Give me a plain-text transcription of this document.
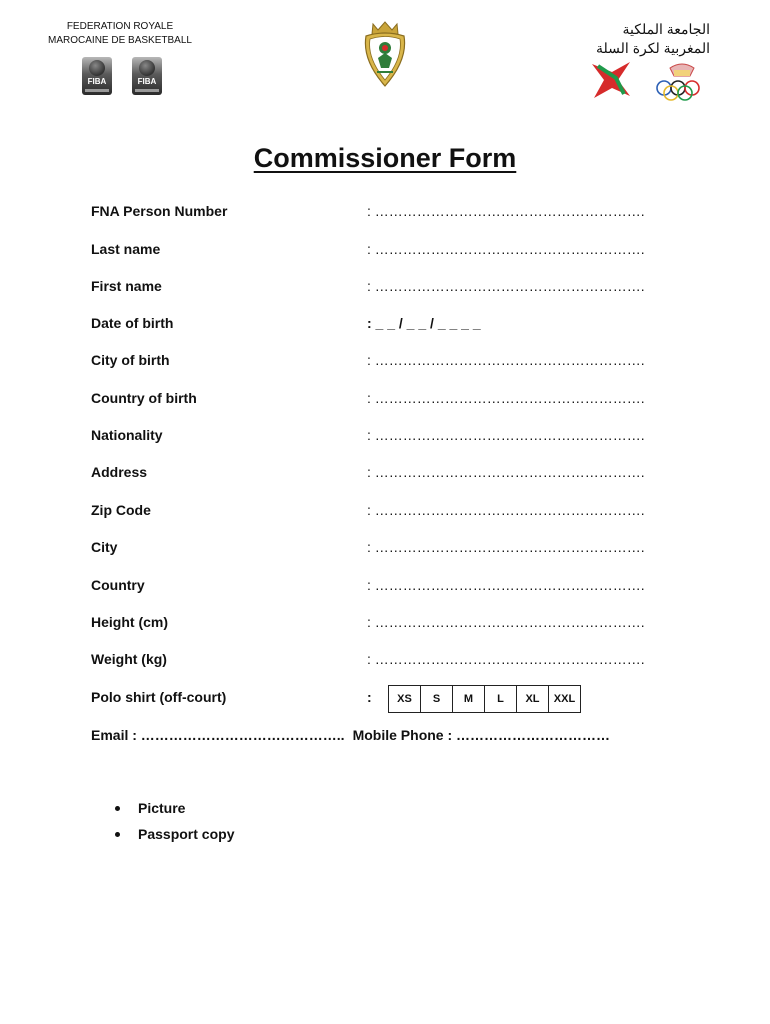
FEDERATION ROYALE
MAROCAINE DE BASKETBALL
FIBA	FIBA
الجامعة الملكية
المغربية لكرة السلة
Commissioner Form
FNA Person Number	: ………………………………………………….
Last name	: ………………………………………………….
First name	: ………………………………………………….
Date of birth	: _ _ / _ _ / _ _ _ _
City of birth	: ………………………………………………….
Country of birth	: ………………………………………………….
Nationality	: ………………………………………………….
Address	: ………………………………………………….
Zip Code	: ………………………………………………….
City	: ………………………………………………….
Country	: ………………………………………………….
Height (cm)	: ………………………………………………….
Weight (kg)	: ………………………………………………….
Polo shirt (off-court)	:	XS	S	M	L	XL	XXL
Email : …………………………………….. Mobile Phone : ……………………………
Picture
Passport copy
